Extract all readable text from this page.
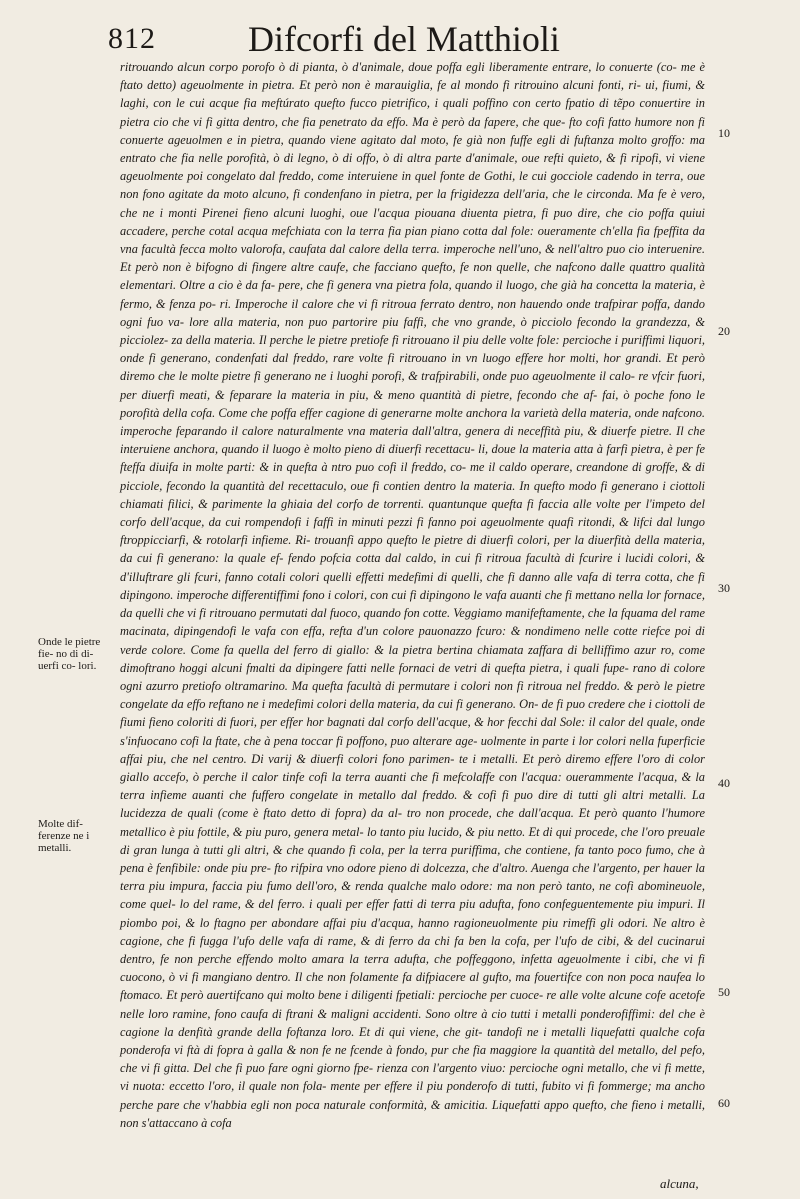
812	Difcorfi del Matthioli

ritrouando alcun corpo porofo ò di pianta, ò d'animale, doue poffa egli liberamente entrare, lo conuerte (co- me è ftato detto) ageuolmente in pietra. Et però non è marauiglia, fe al mondo fi ritrouino alcuni fonti, ri- ui, fiumi, & laghi, con le cui acque fia meftúrato quefto fucco pietrifico, i quali poffino con certo fpatio di tẽpo conuertire in pietra cio che vi fi gitta dentro, che fia penetrato da effo. Ma è però da fapere, che que- fto cofi fatto humore non fi conuerte ageuolmen e in pietra, quando viene agitato dal moto, fe già non fuffe egli di fuftanza molto groffo: ma entrato che fia nelle porofità, ò di legno, ò di offo, ò di altra parte d'animale, oue refti quieto, & fi ripofi, vi viene ageuolmente poi congelato dal freddo, come interuiene in quel fonte de Gothi, le cui gocciole cadendo in terra, oue non fono agitate da moto alcuno, fi condenfano in pietra, per la frigidezza dell'aria, che le circonda. Ma fe è vero, che ne i monti Pirenei fieno alcuni luoghi, oue l'acqua piouana diuenta pietra, fi puo dire, che cio poffa quiui accadere, perche cotal acqua mefchiata con la terra fia pian piano cotta dal fole: oueramente ch'ella fia fpeffita da vna facultà fecca molto valorofa, caufata dal calore della terra. imperoche nell'uno, & nell'altro puo cio interuenire. Et però non è bifogno di fingere altre caufe, che facciano quefto, fe non quelle, che nafcono dalle quattro qualità elementari. Oltre a cio è da fa- pere, che fi genera vna pietra fola, quando il luogo, che già ha concetta la materia, è fermo, & fenza po- ri. Imperoche il calore che vi fi ritroua ferrato dentro, non hauendo onde trafpirar poffa, dando ogni fuo va- lore alla materia, non puo partorire piu faffi, che vno grande, ò picciolo fecondo la grandezza, & picciolez- za della materia. Il perche le pietre pretiofe fi ritrouano il piu delle volte fole: percioche i puriffimi liquori, onde fi generano, condenfati dal freddo, rare volte fi ritrouano in vn luogo effere hor molti, hor grandi. Et però diremo che le molte pietre fi generano ne i luoghi porofi, & trafpirabili, onde puo ageuolmente il calo- re vfcir fuori, per diuerfi meati, & feparare la materia in piu, & meno quantità di pietre, fecondo che af- fai, ò poche fono le porofità della cofa. Come che poffa effer cagione di generarne molte anchora la varietà della materia, onde nafcono. imperoche feparando il calore naturalmente vna materia dall'altra, genera di neceffità piu, & diuerfe pietre. Il che interuiene anchora, quando il luogo è molto pieno di diuerfi recettacu- li, doue la materia atta à farfi pietra, è per fe fteffa diuifa in molte parti: & in quefta à ntro puo cofi il freddo, co- me il caldo operare, creandone di groffe, & di picciole, fecondo la quantità del recettaculo, oue fi contien dentro la materia. In quefto modo fi generano i ciottoli chiamati filici, & parimente la ghiaia del corfo de torrenti. quantunque quefta fi faccia alle volte per l'impeto del corfo dell'acque, da cui rompendofi i faffi in minuti pezzi fi fanno poi ageuolmente quafi ritondi, & lifci dal lungo ftroppicciarfi, & rotolarfi infieme. Ri- trouanfi appo quefto le pietre di diuerfi colori, per la diuerfità della materia, da cui fi generano: la quale ef- fendo pofcia cotta dal caldo, in cui fi ritroua facultà di fcurire i lucidi colori, & d'illuftrare gli fcuri, fanno cotali colori quelli effetti medefimi di quelli, che fi danno alle vafa di terra cotta, che fi dipingono. imperoche differentiffimi fono i colori, con cui fi dipingono le vafa auanti che fi mettano nella lor fornace, da quelli che vi fi ritrouano permutati dal fuoco, quando fon cotte. Veggiamo manifeftamente, che la fquama del rame macinata, dipingendofi le vafa con effa, refta d'un colore pauonazzo fcuro: & nondimeno nelle cotte riefce poi di verde colore. Come fa quella del ferro di giallo: & la pietra bertina chiamata zaffara di belliffimo azur ro, come dimoftrano hoggi alcuni fmalti da dipingere fatti nelle fornaci de vetri di quefta pietra, i quali fupe- rano di colore ogni azurro pretiofo oltramarino. Ma quefta facultà di permutare i colori non fi ritroua nel freddo. & però le pietre congelate da effo reftano ne i medefimi colori della materia, da cui fi generano. On- de fi puo credere che i ciottoli de fiumi fieno coloriti di fuori, per effer hor bagnati dal corfo dell'acque, & hor fecchi dal Sole: il calor del quale, onde s'infuocano cofi la ftate, che à pena toccar fi poffono, puo alterare age- uolmente in parte i lor colori nella fuperficie affai piu, che nel centro. Di varij & diuerfi colori fono parimen- te i metalli. Et però diremo effere l'oro di color giallo accefo, ò perche il calor tinfe cofi la terra auanti che fi mefcolaffe con l'acqua: ouerammente l'acqua, & la terra infieme auanti che fuffero congelate in metallo dal freddo. & cofi fi puo dire di tutti gli altri metalli. La lucidezza de quali (come è ftato detto di fopra) da al- tro non procede, che dall'acqua. Et però quanto l'humore metallico è piu fottile, & piu puro, genera metal- lo tanto piu lucido, & piu netto. Et di qui procede, che l'oro preuale di gran lunga à tutti gli altri, & che quando fi cola, per la terra puriffima, che contiene, fa tanto poco fumo, che à pena è fenfibile: onde piu pre- fto rifpira vno odore pieno di dolcezza, che d'altro. Auenga che l'argento, per hauer la terra piu impura, faccia piu fumo dell'oro, & renda qualche malo odore: ma non però tanto, ne cofi abomineuole, come quel- lo del rame, & del ferro. i quali per effer fatti di terra piu adufta, fono confeguentemente piu impuri. Il piombo poi, & lo ftagno per abondare affai piu d'acqua, hanno ragioneuolmente piu rimeffi gli odori. Ne altro è cagione, che fi fugga l'ufo delle vafa di rame, & di ferro da chi fa ben la cofa, per l'ufo de cibi, & del cucinarui dentro, fe non perche effendo molto amara la terra adufta, che poffeggono, infetta ageuolmente i cibi, che vi fi cuocono, ò vi fi mangiano dentro. Il che non folamente fa difpiacere al gufto, ma fouertifce con non poca naufea lo ftomaco. Et però auertifcano qui molto bene i diligenti fpetiali: percioche per cuoce- re alle volte alcune cofe acetofe nelle loro ramine, fono caufa di ftrani & maligni accidenti. Sono oltre à cio tutti i metalli ponderofiffimi: del che è cagione la denfità grande della foftanza loro. Et di qui viene, che git- tandofi ne i metalli liquefatti qualche cofa ponderofa vi ftà di fopra à galla & non fe ne fcende à fondo, pur che fia maggiore la quantità del metallo, del pefo, che vi fi gitta. Del che fi puo fare ogni giorno fpe- rienza con l'argento viuo: percioche ogni metallo, che vi fi mette, vi nuota: eccetto l'oro, il quale non fola- mente per effere il piu ponderofo di tutti, fubito vi fi fommerge; ma ancho perche pare che v'habbia egli non poca naturale conformità, & amicitia. Liquefatti appo quefto, che fieno i metalli, non s'attaccano à cofa

Onde le pietre fie- no di di- uerfi co- lori.
Molte dif- ferenze ne i metalli.
10
20
30
40
50
60
alcuna,
